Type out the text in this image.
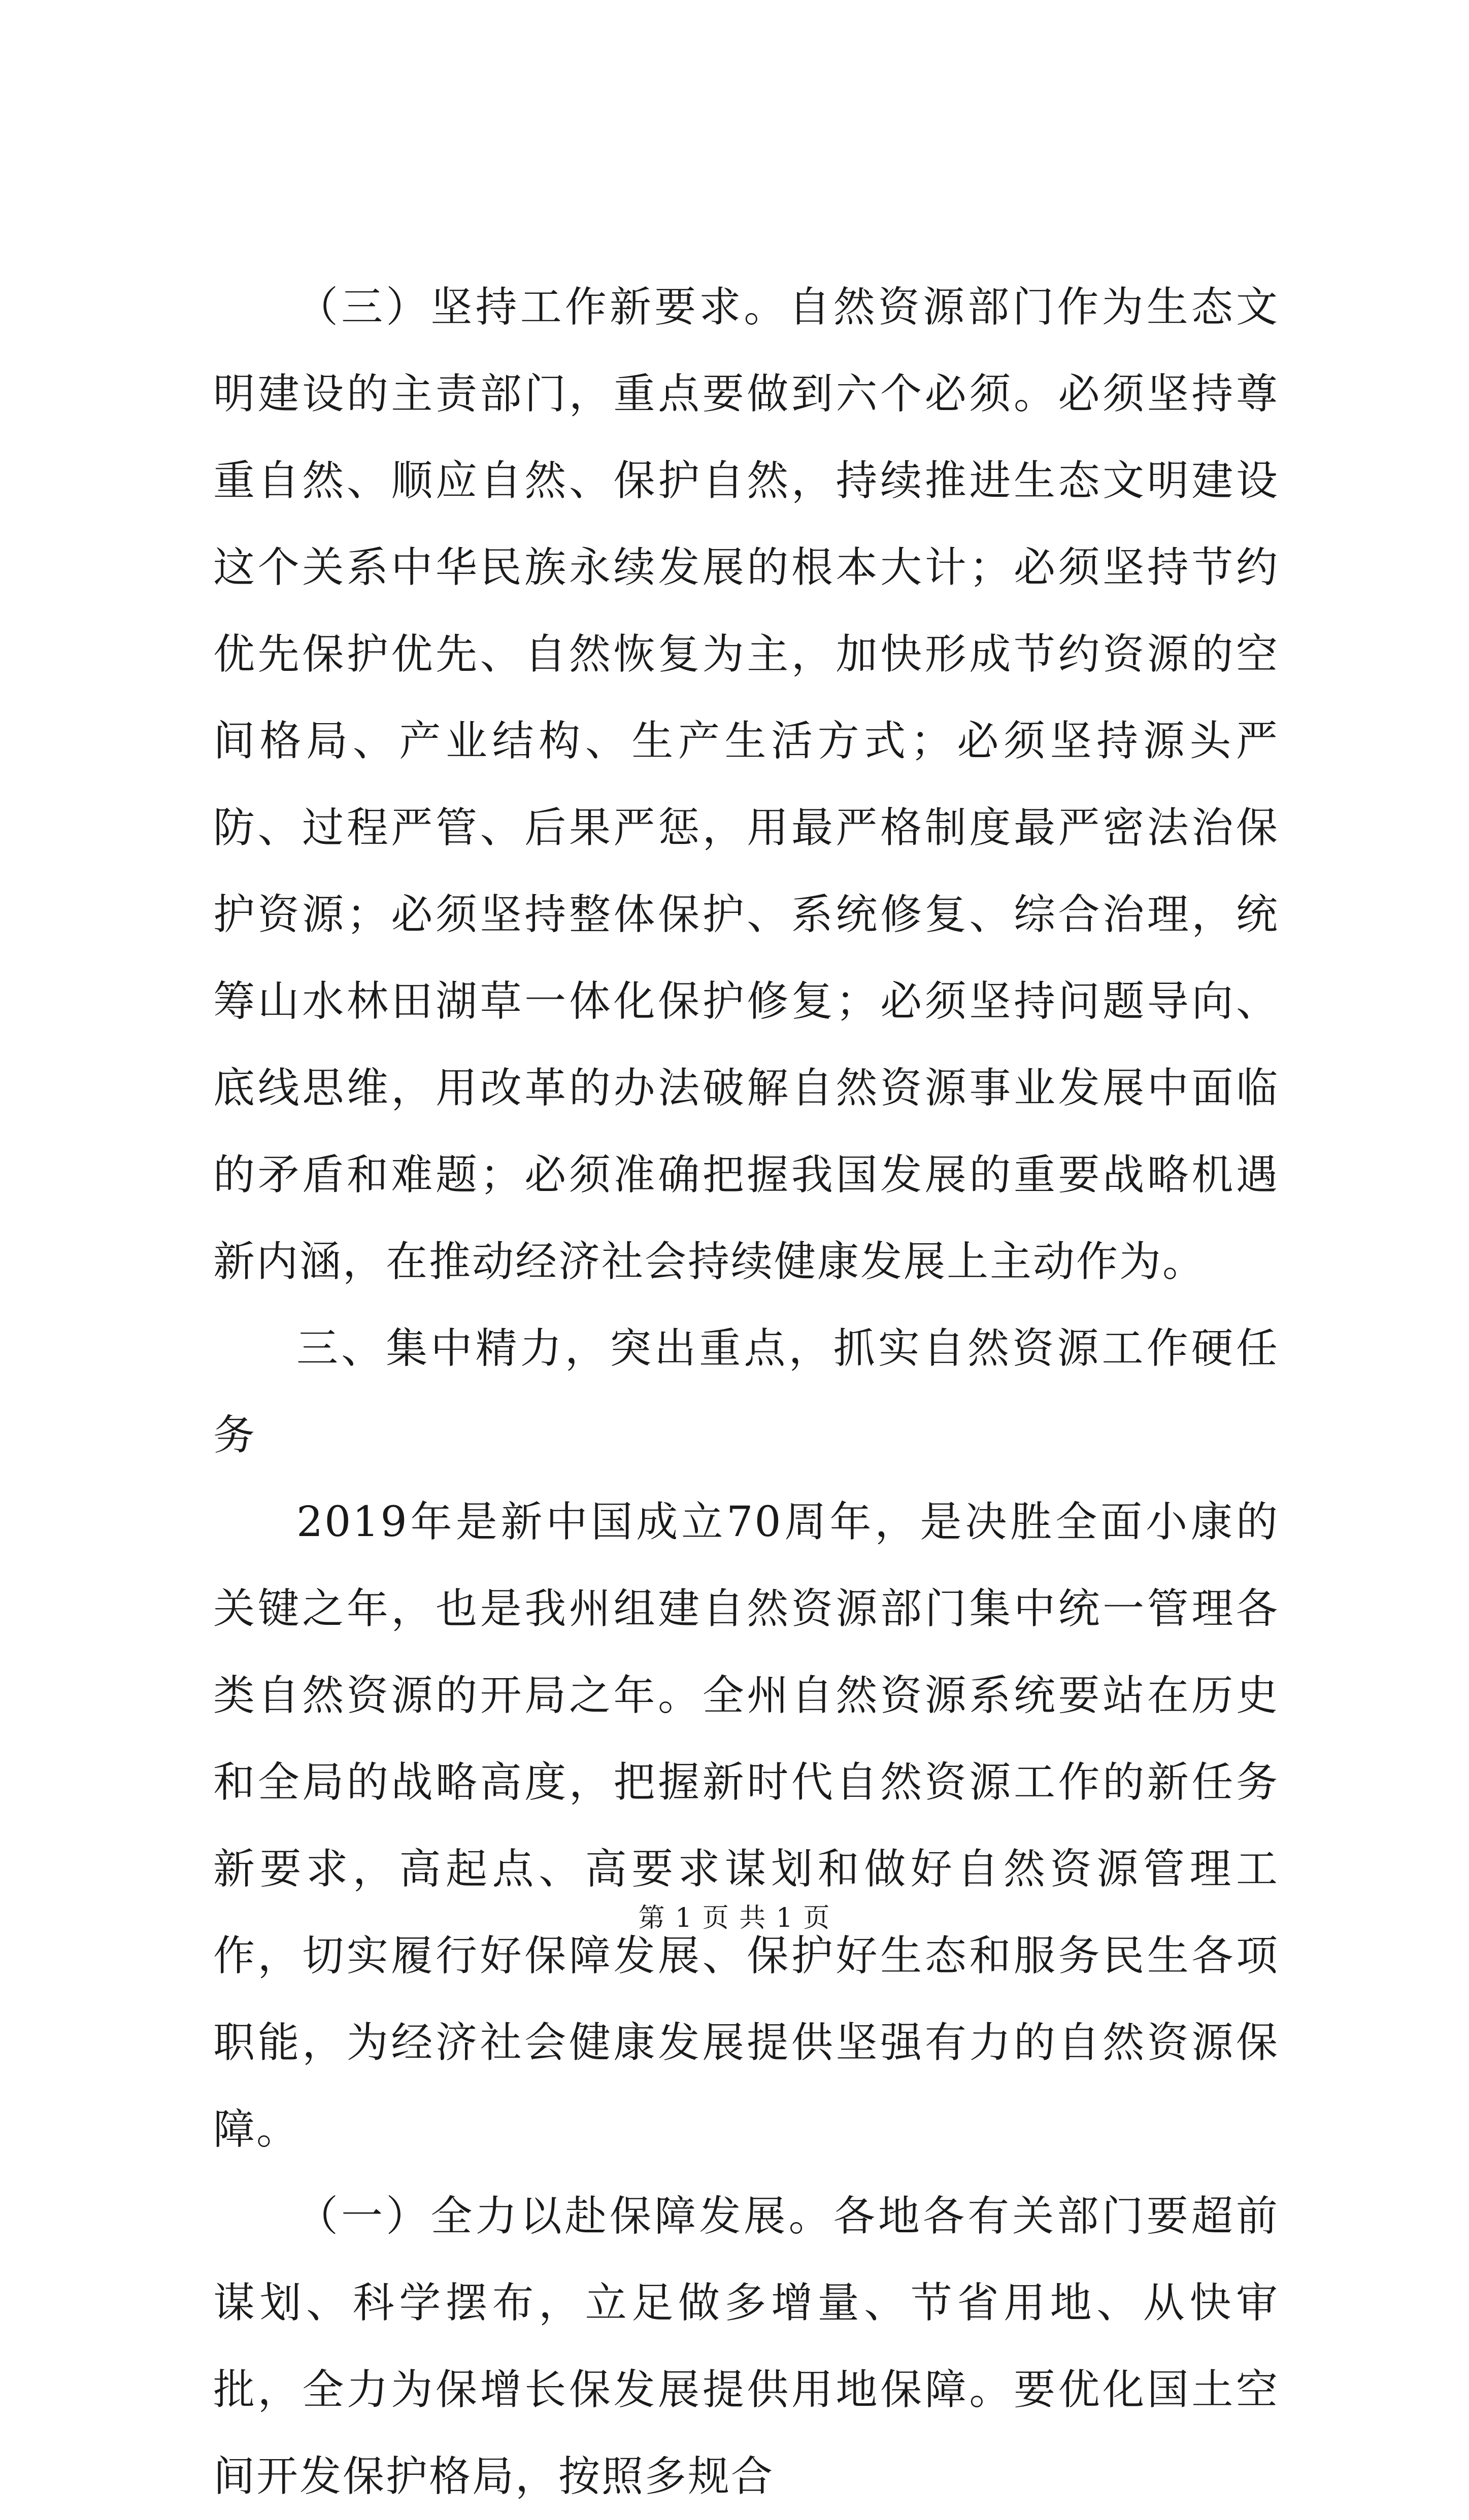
（三）坚持工作新要求。自然资源部门作为生态文明建设的主责部门，重点要做到六个必须。必须坚持尊重自然、顺应自然、保护自然，持续推进生态文明建设这个关系中华民族永续发展的根本大计；必须坚持节约优先保护优先、自然恢复为主，加快形成节约资源的空间格局、产业结构、生产生活方式；必须坚持源头严防、过程严管、后果严惩，用最严格制度最严密法治保护资源；必须坚持整体保护、系统修复、综合治理，统筹山水林田湖草一体化保护修复；必须坚持问题导向、底线思维，用改革的办法破解自然资源事业发展中面临的矛盾和难题；必须准确把握我国发展的重要战略机遇新内涵，在推动经济社会持续健康发展上主动作为。

三、集中精力，突出重点，抓实自然资源工作硬任务

2019年是新中国成立70周年，是决胜全面小康的关键之年，也是我州组建自然资源部门集中统一管理各类自然资源的开局之年。全州自然资源系统要站在历史和全局的战略高度，把握新时代自然资源工作的新任务新要求，高起点、高要求谋划和做好自然资源管理工作，切实履行好保障发展、保护好生态和服务民生各项职能，为经济社会健康发展提供坚强有力的自然资源保障。

（一）全力以赴保障发展。各地各有关部门要超前谋划、科学摆布，立足做多增量、节省用地、从快审批，全力为保增长保发展提供用地保障。要优化国土空间开发保护格局，按照多规合

第 1 页 共 1 页
